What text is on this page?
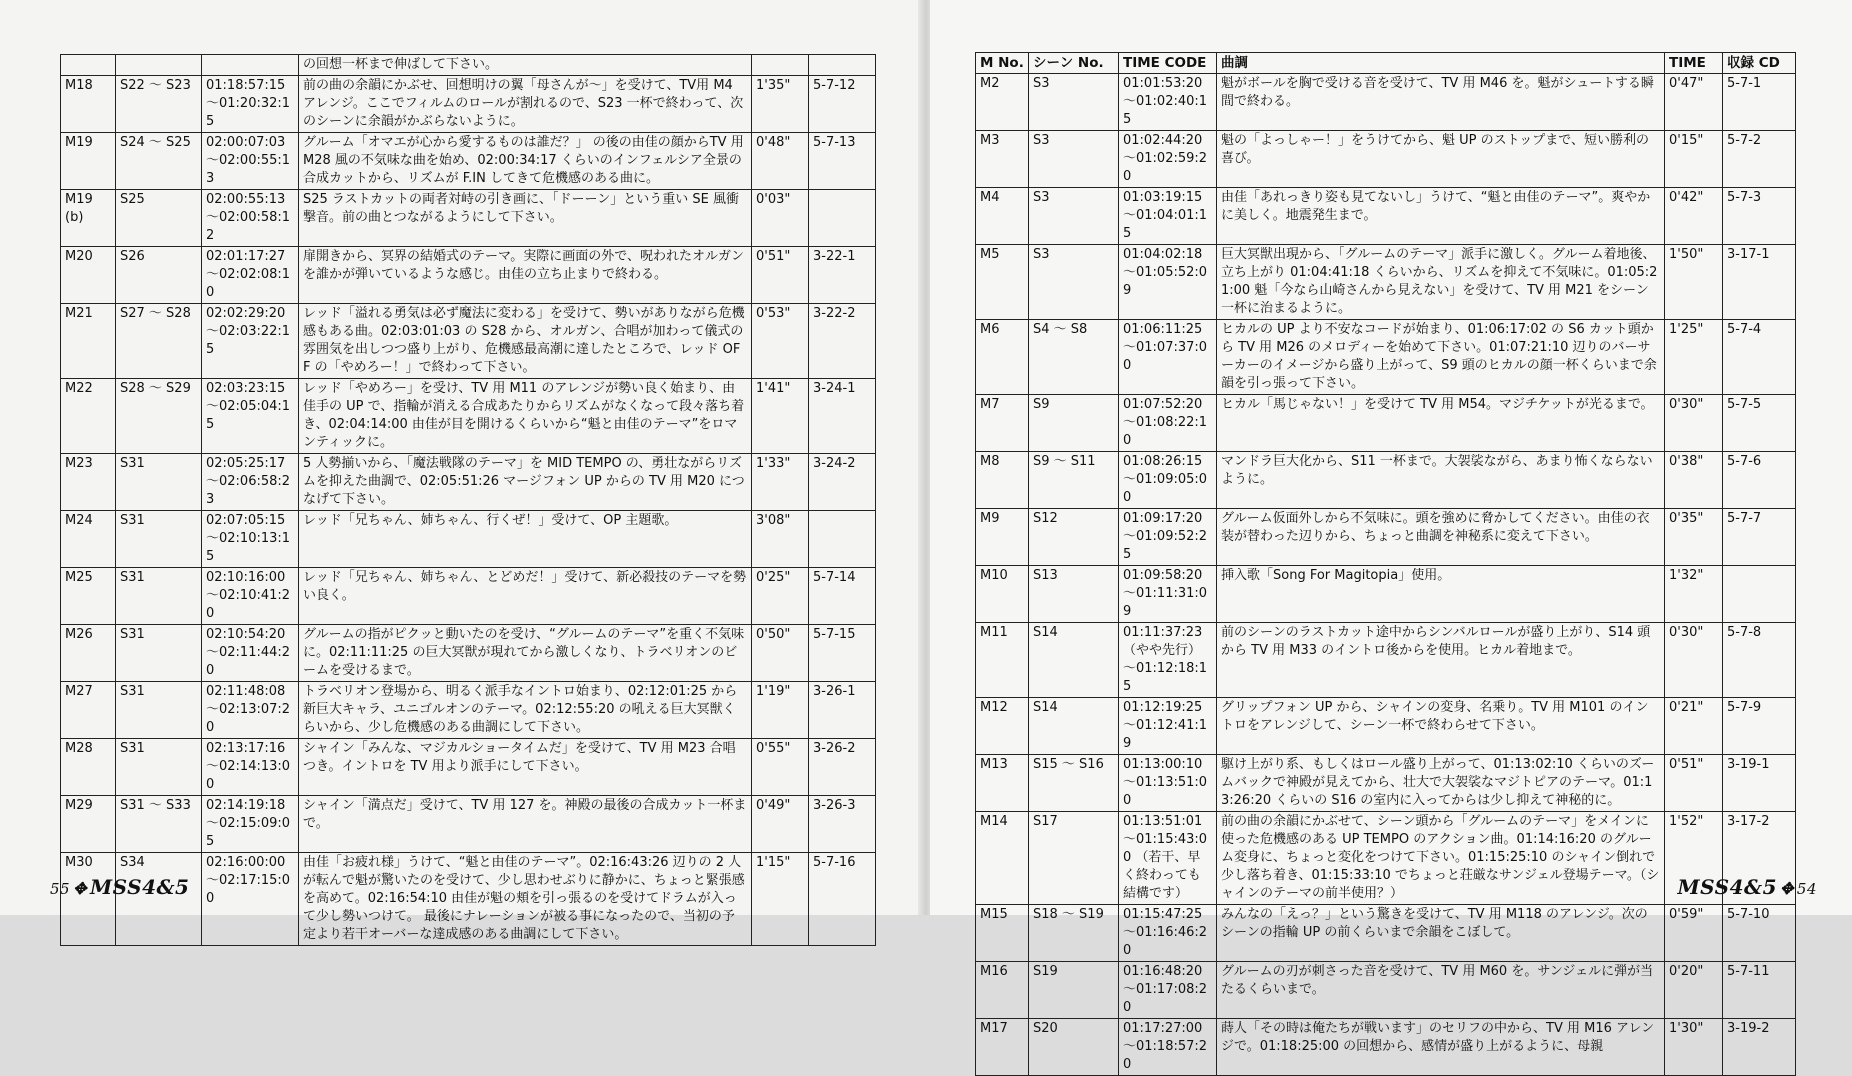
			の回想一杯まで伸ばして下さい。		
M18	S22 ～ S23	01:18:57:15 ～01:20:32:15	前の曲の余韻にかぶせ、回想明けの翼「母さんが～」を受けて、TV用 M4 アレンジ。ここでフィルムのロールが割れるので、S23 一杯で終わって、次のシーンに余韻がかぶらないように。	1'35"	5-7-12
M19	S24 ～ S25	02:00:07:03 ～02:00:55:13	グルーム「オマエが心から愛するものは誰だ？」 の後の由佳の顔からTV 用 M28 風の不気味な曲を始め、02:00:34:17 くらいのインフェルシア全景の合成カットから、リズムが F.IN してきて危機感のある曲に。	0'48"	5-7-13
M19 (b)	S25	02:00:55:13 ～02:00:58:12	S25 ラストカットの両者対峙の引き画に、「ドーーン」という重い SE 風衝撃音。前の曲とつながるようにして下さい。	0'03"	
M20	S26	02:01:17:27 ～02:02:08:10	扉開きから、冥界の結婚式のテーマ。実際に画面の外で、呪われたオルガンを誰かが弾いているような感じ。由佳の立ち止まりで終わる。	0'51"	3-22-1
M21	S27 ～ S28	02:02:29:20 ～02:03:22:15	レッド「溢れる勇気は必ず魔法に変わる」を受けて、勢いがありながら危機感もある曲。02:03:01:03 の S28 から、オルガン、合唱が加わって儀式の雰囲気を出しつつ盛り上がり、危機感最高潮に達したところで、レッド OFF の「やめろー！」で終わって下さい。	0'53"	3-22-2
M22	S28 ～ S29	02:03:23:15 ～02:05:04:15	レッド「やめろー」を受け、TV 用 M11 のアレンジが勢い良く始まり、由佳手の UP で、指輪が消える合成あたりからリズムがなくなって段々落ち着き、02:04:14:00 由佳が目を開けるくらいから“魁と由佳のテーマ”をロマンティックに。	1'41"	3-24-1
M23	S31	02:05:25:17 ～02:06:58:23	5 人勢揃いから、「魔法戦隊のテーマ」を MID TEMPO の、勇壮ながらリズムを抑えた曲調で、02:05:51:26 マージフォン UP からの TV 用 M20 につなげて下さい。	1'33"	3-24-2
M24	S31	02:07:05:15 ～02:10:13:15	レッド「兄ちゃん、姉ちゃん、行くぜ！」受けて、OP 主題歌。	3'08"	
M25	S31	02:10:16:00 ～02:10:41:20	レッド「兄ちゃん、姉ちゃん、とどめだ！」受けて、新必殺技のテーマを勢い良く。	0'25"	5-7-14
M26	S31	02:10:54:20 ～02:11:44:20	グルームの指がピクッと動いたのを受け、“グルームのテーマ”を重く不気味に。02:11:11:25 の巨大冥獣が現れてから激しくなり、トラベリオンのビームを受けるまで。	0'50"	5-7-15
M27	S31	02:11:48:08 ～02:13:07:20	トラベリオン登場から、明るく派手なイントロ始まり、02:12:01:25 から新巨大キャラ、ユニゴルオンのテーマ。02:12:55:20 の吼える巨大冥獣くらいから、少し危機感のある曲調にして下さい。	1'19"	3-26-1
M28	S31	02:13:17:16 ～02:14:13:00	シャイン「みんな、マジカルショータイムだ」を受けて、TV 用 M23 合唱つき。イントロを TV 用より派手にして下さい。	0'55"	3-26-2
M29	S31 ～ S33	02:14:19:18 ～02:15:09:05	シャイン「満点だ」受けて、TV 用 127 を。神殿の最後の合成カット一杯まで。	0'49"	3-26-3
M30	S34	02:16:00:00 ～02:17:15:00	由佳「お疲れ様」うけて、“魁と由佳のテーマ”。02:16:43:26 辺りの 2 人が転んで魁が驚いたのを受けて、少し思わせぶりに静かに、ちょっと緊張感を高めて。02:16:54:10 由佳が魁の頬を引っ張るのを受けてドラムが入って少し勢いつけて。 最後にナレーションが被る事になったので、当初の予定より若干オーバーな達成感のある曲調にして下さい。	1'15"	5-7-16
55 ✥ MSS4&5
M No.	シーン No.	TIME CODE	曲調	TIME	収録 CD
M2	S3	01:01:53:20 ～01:02:40:15	魁がボールを胸で受ける音を受けて、TV 用 M46 を。魁がシュートする瞬間で終わる。	0'47"	5-7-1
M3	S3	01:02:44:20 ～01:02:59:20	魁の「よっしゃー！」をうけてから、魁 UP のストップまで、短い勝利の喜び。	0'15"	5-7-2
M4	S3	01:03:19:15 ～01:04:01:15	由佳「あれっきり姿も見てないし」うけて、“魁と由佳のテーマ”。爽やかに美しく。地震発生まで。	0'42"	5-7-3
M5	S3	01:04:02:18 ～01:05:52:09	巨大冥獣出現から、「グルームのテーマ」派手に激しく。グルーム着地後、立ち上がり 01:04:41:18 くらいから、リズムを抑えて不気味に。01:05:21:00 魁「今なら山崎さんから見えない」を受けて、TV 用 M21 をシーン一杯に治まるように。	1'50"	3-17-1
M6	S4 ～ S8	01:06:11:25 ～01:07:37:00	ヒカルの UP より不安なコードが始まり、01:06:17:02 の S6 カット頭から TV 用 M26 のメロディーを始めて下さい。01:07:21:10 辺りのバーサーカーのイメージから盛り上がって、S9 頭のヒカルの顔一杯くらいまで余韻を引っ張って下さい。	1'25"	5-7-4
M7	S9	01:07:52:20 ～01:08:22:10	ヒカル「馬じゃない！」を受けて TV 用 M54。マジチケットが光るまで。	0'30"	5-7-5
M8	S9 ～ S11	01:08:26:15 ～01:09:05:00	マンドラ巨大化から、S11 一杯まで。大袈裟ながら、あまり怖くならないように。	0'38"	5-7-6
M9	S12	01:09:17:20 ～01:09:52:25	グルーム仮面外しから不気味に。頭を強めに脅かしてください。由佳の衣装が替わった辺りから、ちょっと曲調を神秘系に変えて下さい。	0'35"	5-7-7
M10	S13	01:09:58:20 ～01:11:31:09	挿入歌「Song For Magitopia」使用。	1'32"	
M11	S14	01:11:37:23 （やや先行） ～01:12:18:15	前のシーンのラストカット途中からシンバルロールが盛り上がり、S14 頭から TV 用 M33 のイントロ後からを使用。ヒカル着地まで。	0'30"	5-7-8
M12	S14	01:12:19:25 ～01:12:41:19	グリップフォン UP から、シャインの変身、名乗り。TV 用 M101 のイントロをアレンジして、シーン一杯で終わらせて下さい。	0'21"	5-7-9
M13	S15 ～ S16	01:13:00:10 ～01:13:51:00	駆け上がり系、もしくはロール盛り上がって、01:13:02:10 くらいのズームバックで神殿が見えてから、壮大で大袈裟なマジトピアのテーマ。01:13:26:20 くらいの S16 の室内に入ってからは少し抑えて神秘的に。	0'51"	3-19-1
M14	S17	01:13:51:01 ～01:15:43:00 （若干、早く終わっても結構です）	前の曲の余韻にかぶせて、シーン頭から「グルームのテーマ」をメインに使った危機感のある UP TEMPO のアクション曲。01:14:16:20 のグルーム変身に、ちょっと変化をつけて下さい。01:15:25:10 のシャイン倒れで少し落ち着き、01:15:33:10 でちょっと荘厳なサンジェル登場テーマ。（シャインのテーマの前半使用？）	1'52"	3-17-2
M15	S18 ～ S19	01:15:47:25 ～01:16:46:20	みんなの「えっ？」という驚きを受けて、TV 用 M118 のアレンジ。次のシーンの指輪 UP の前くらいまで余韻をこぼして。	0'59"	5-7-10
M16	S19	01:16:48:20 ～01:17:08:20	グルームの刃が刺さった音を受けて、TV 用 M60 を。サンジェルに弾が当たるくらいまで。	0'20"	5-7-11
M17	S20	01:17:27:00 ～01:18:57:20	蒔人「その時は俺たちが戦います」のセリフの中から、TV 用 M16 アレンジで。01:18:25:00 の回想から、感情が盛り上がるように、母親	1'30"	3-19-2
MSS4&5 ✥ 54
